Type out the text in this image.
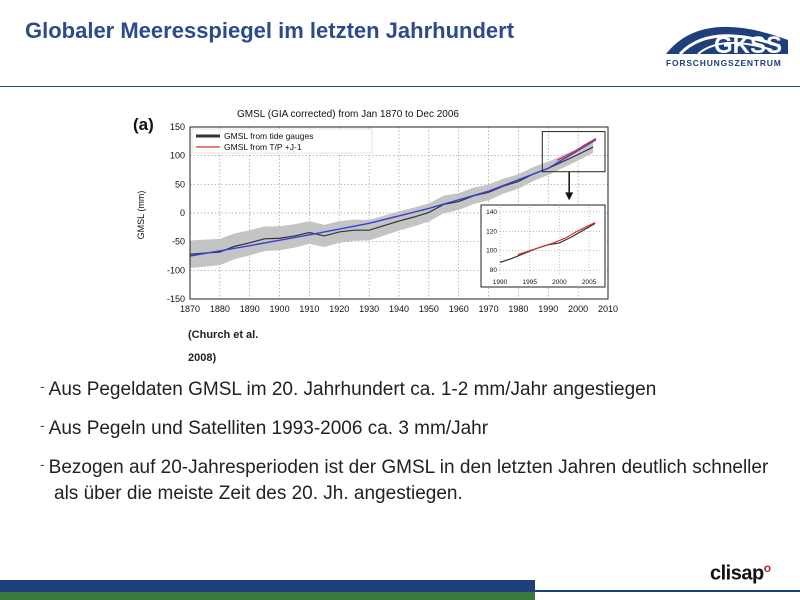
Globaler Meeresspiegel im letzten Jahrhundert
GKSS
FORSCHUNGSZENTRUM
(a)
GMSL (GIA corrected) from Jan 1870 to Dec 2006
GMSL (mm)
1870 1880 1890 1900 1910 1920 1930 1940 1950 1960 1970 1980 1990 2000 2010
150
100
50
0
-50
-100
-150
GMSL from tide gauges
GMSL from T/P +J-1
1990 1995 2000 2005
140
120
100
80
(Church et al.
2008)
- Aus Pegeldaten GMSL im 20. Jahrhundert ca. 1-2 mm/Jahr angestiegen
- Aus Pegeln und Satelliten 1993-2006 ca. 3 mm/Jahr
- Bezogen auf 20-Jahresperioden ist der GMSL in den letzten Jahren deutlich schneller als über die meiste Zeit des 20. Jh. angestiegen.
clisap$^o$
